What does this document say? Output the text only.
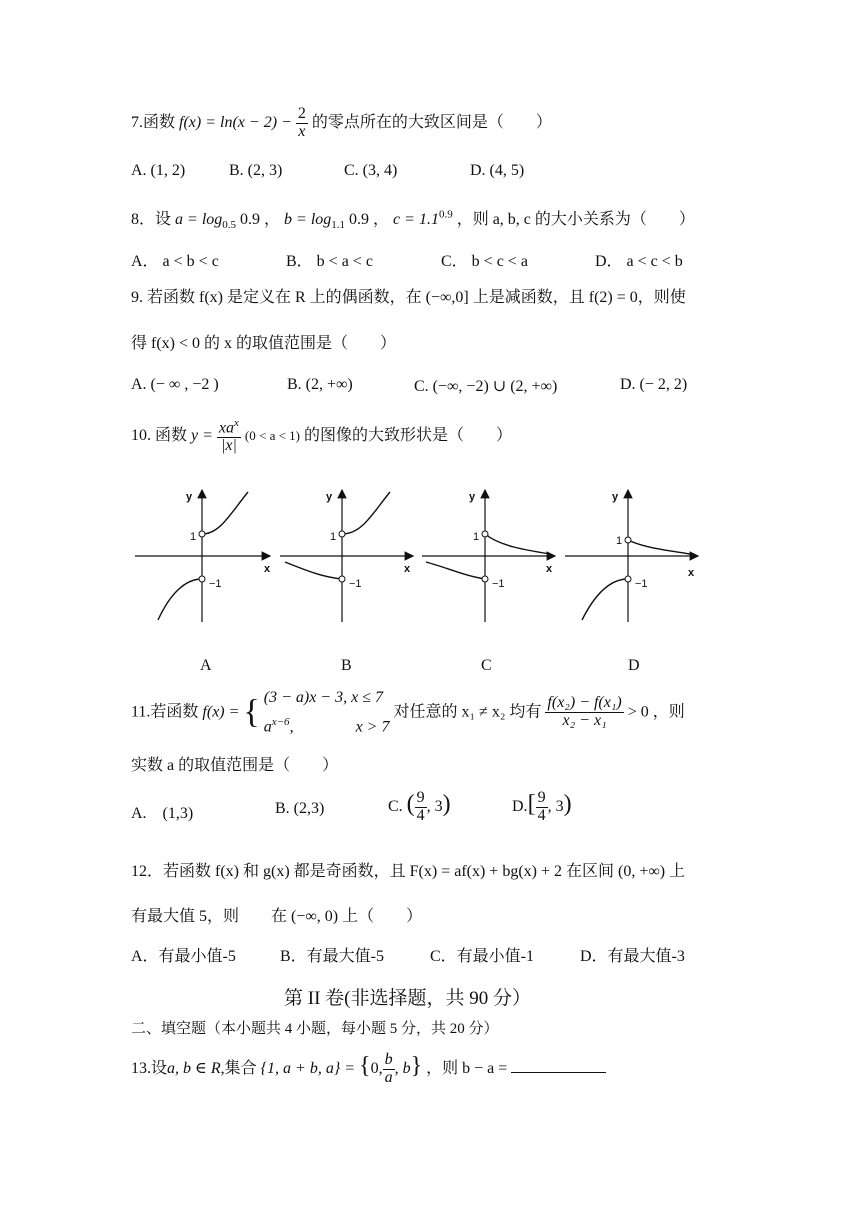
7.函数 $f(x) = \ln(x - 2) - \frac{2}{x}$ 的零点所在的大致区间是（　　）
A. (1, 2)	B. (2, 3)	C. (3, 4)	D. (4, 5)
8．设 $a = \log_{0.5} 0.9$ ， $b = \log_{1.1} 0.9$ ， $c = 1.1^{0.9}$ ，则 a, b, c 的大小关系为（　　）
A． a < b < c	B． b < a < c	C． b < c < a	D． a < c < b
9. 若函数 f(x) 是定义在 R 上的偶函数，在 (−∞,0] 上是减函数，且 f(2) = 0，则使
得 f(x) < 0 的 x 的取值范围是（　　）
A. (− ∞ , −2 )	B. (2, +∞)	C. (−∞, −2) ∪ (2, +∞)	D. (− 2, 2)
10. 函数 $y = \frac{xa^x}{|x|} (0 < a < 1)$ 的图像的大致形状是（　　）
y
x
1
−1
y
x
1
−1
y
x
1
−1
y
x
1
−1
A	B	C	D
11.若函数 f(x) = { (3 − a)x − 3, x ≤ 7
$a^{x-6}$,	x > 7
对任意的 x₁ ≠ x₂ 均有 $\frac{\text{f(x₂) − f(x₁)}}{\text{x₂ − x₁}} > 0$ ，则
实数 a 的取值范围是（　　）
A.　(1,3)	B. (2,3)	C. ( $\frac{9}{4}$ , 3)	$D.[ \frac{9}{4}$ , 3)
12．若函数 f(x) 和 g(x) 都是奇函数，且 F(x) = af(x) + bg(x) + 2 在区间 (0, +∞) 上
有最大值 5，则　　在 (−∞, 0) 上（　　）
A．有最小值-5	B．有最大值-5	C．有最小值-1	D．有最大值-3
第 II 卷(非选择题，共 90 分）
二、填空题（本小题共 4 小题，每小题 5 分，共 20 分）
13.设a, b ∈ R,集合 {1, a + b, a} = {0, $\frac{b}{a}$ , b} ，则 b − a =
